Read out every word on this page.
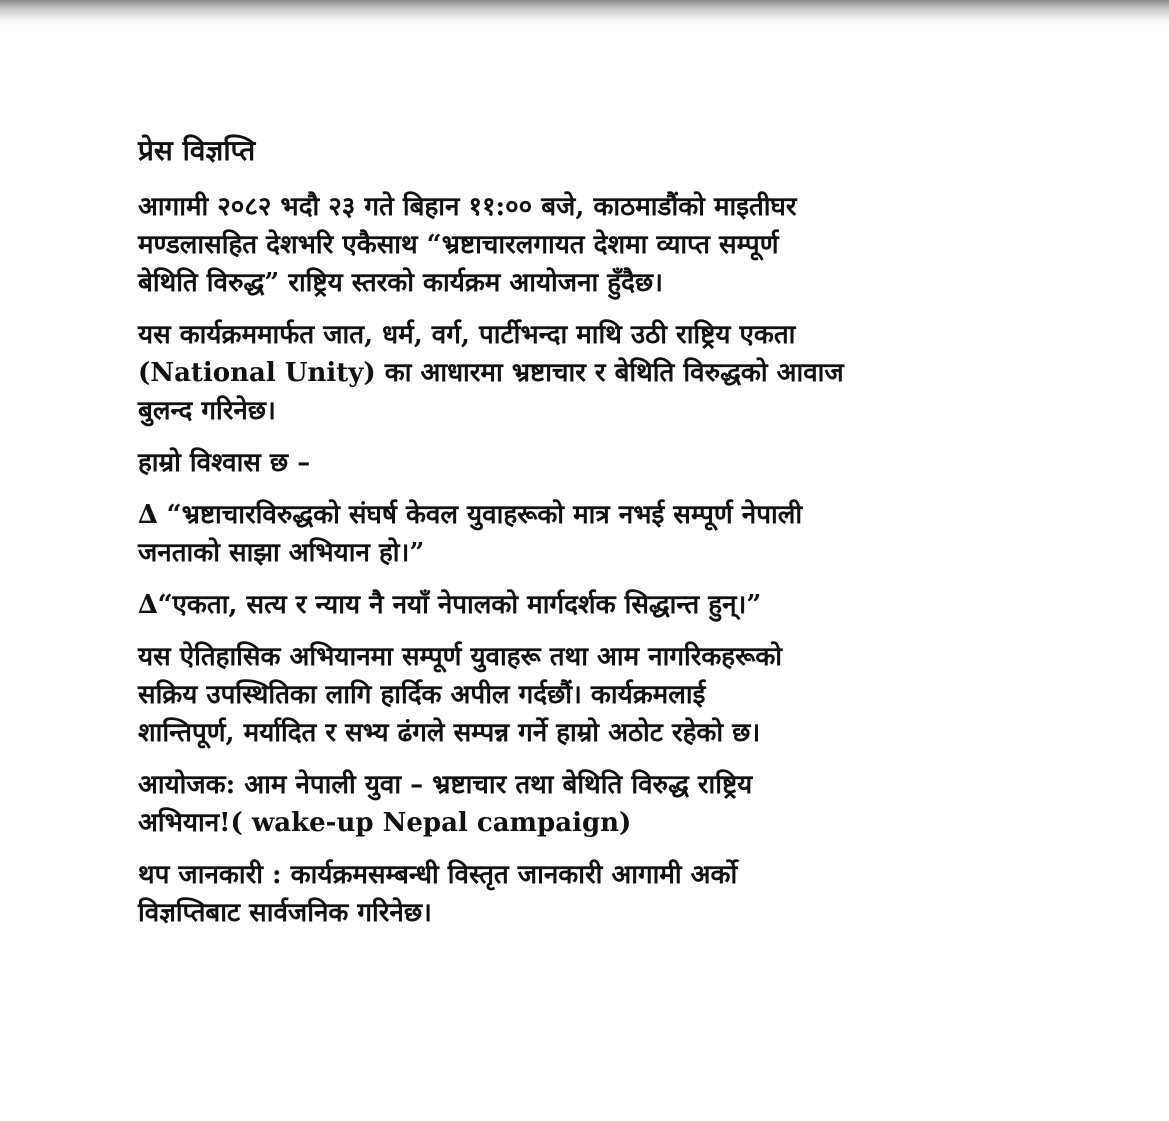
प्रेस विज्ञप्ति

आगामी २०८२ भदौ २३ गते बिहान ११:०० बजे, काठमाडौंको माइतीघर
मण्डलासहित देशभरि एकैसाथ “भ्रष्टाचारलगायत देशमा व्याप्त सम्पूर्ण
बेथिति विरुद्ध” राष्ट्रिय स्तरको कार्यक्रम आयोजना हुँदैछ।

यस कार्यक्रममार्फत जात, धर्म, वर्ग, पार्टीभन्दा माथि उठी राष्ट्रिय एकता
(National Unity) का आधारमा भ्रष्टाचार र बेथिति विरुद्धको आवाज
बुलन्द गरिनेछ।

हाम्रो विश्वास छ –

∆ “भ्रष्टाचारविरुद्धको संघर्ष केवल युवाहरूको मात्र नभई सम्पूर्ण नेपाली
जनताको साझा अभियान हो।”

∆“एकता, सत्य र न्याय नै नयाँ नेपालको मार्गदर्शक सिद्धान्त हुन्।”

यस ऐतिहासिक अभियानमा सम्पूर्ण युवाहरू तथा आम नागरिकहरूको
सक्रिय उपस्थितिका लागि हार्दिक अपील गर्दछौं। कार्यक्रमलाई
शान्तिपूर्ण, मर्यादित र सभ्य ढंगले सम्पन्न गर्ने हाम्रो अठोट रहेको छ।

आयोजक: आम नेपाली युवा – भ्रष्टाचार तथा बेथिति विरुद्ध राष्ट्रिय
अभियान!( wake-up Nepal campaign)

थप जानकारी : कार्यक्रमसम्बन्धी विस्तृत जानकारी आगामी अर्को
विज्ञप्तिबाट सार्वजनिक गरिनेछ।
